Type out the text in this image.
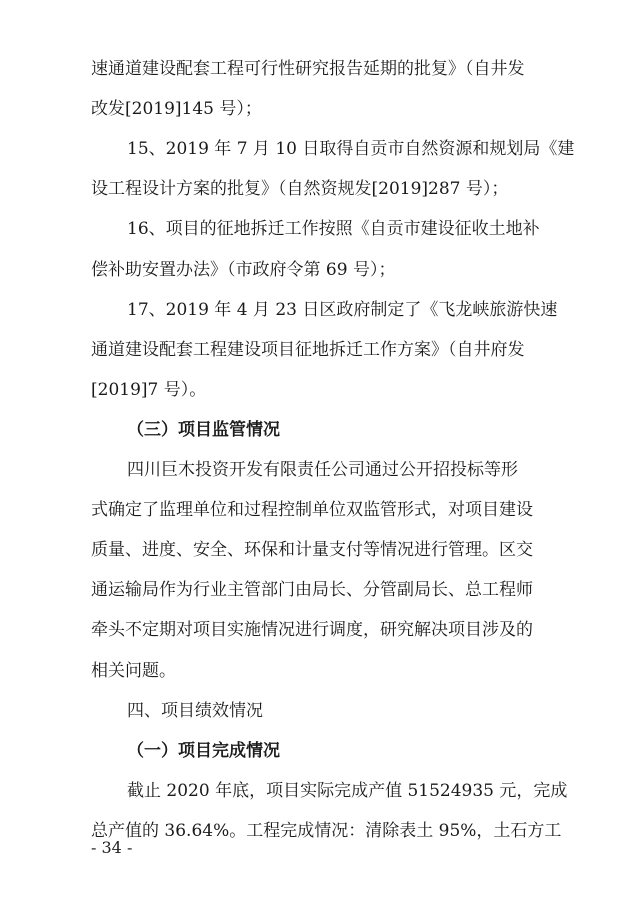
速通道建设配套工程可行性研究报告延期的批复》（自井发
改发[2019]145 号）；
15、2019 年 7 月 10 日取得自贡市自然资源和规划局《建
设工程设计方案的批复》（自然资规发[2019]287 号）；
16、项目的征地拆迁工作按照《自贡市建设征收土地补
偿补助安置办法》（市政府令第 69 号）；
17、2019 年 4 月 23 日区政府制定了《飞龙峡旅游快速
通道建设配套工程建设项目征地拆迁工作方案》（自井府发
[2019]7 号）。
（三）项目监管情况
四川巨木投资开发有限责任公司通过公开招投标等形
式确定了监理单位和过程控制单位双监管形式，对项目建设
质量、进度、安全、环保和计量支付等情况进行管理。区交
通运输局作为行业主管部门由局长、分管副局长、总工程师
牵头不定期对项目实施情况进行调度，研究解决项目涉及的
相关问题。
四、项目绩效情况
（一）项目完成情况
截止 2020 年底，项目实际完成产值 51524935 元，完成
总产值的 36.64%。工程完成情况：清除表土 95%，土石方工
- 34 -
